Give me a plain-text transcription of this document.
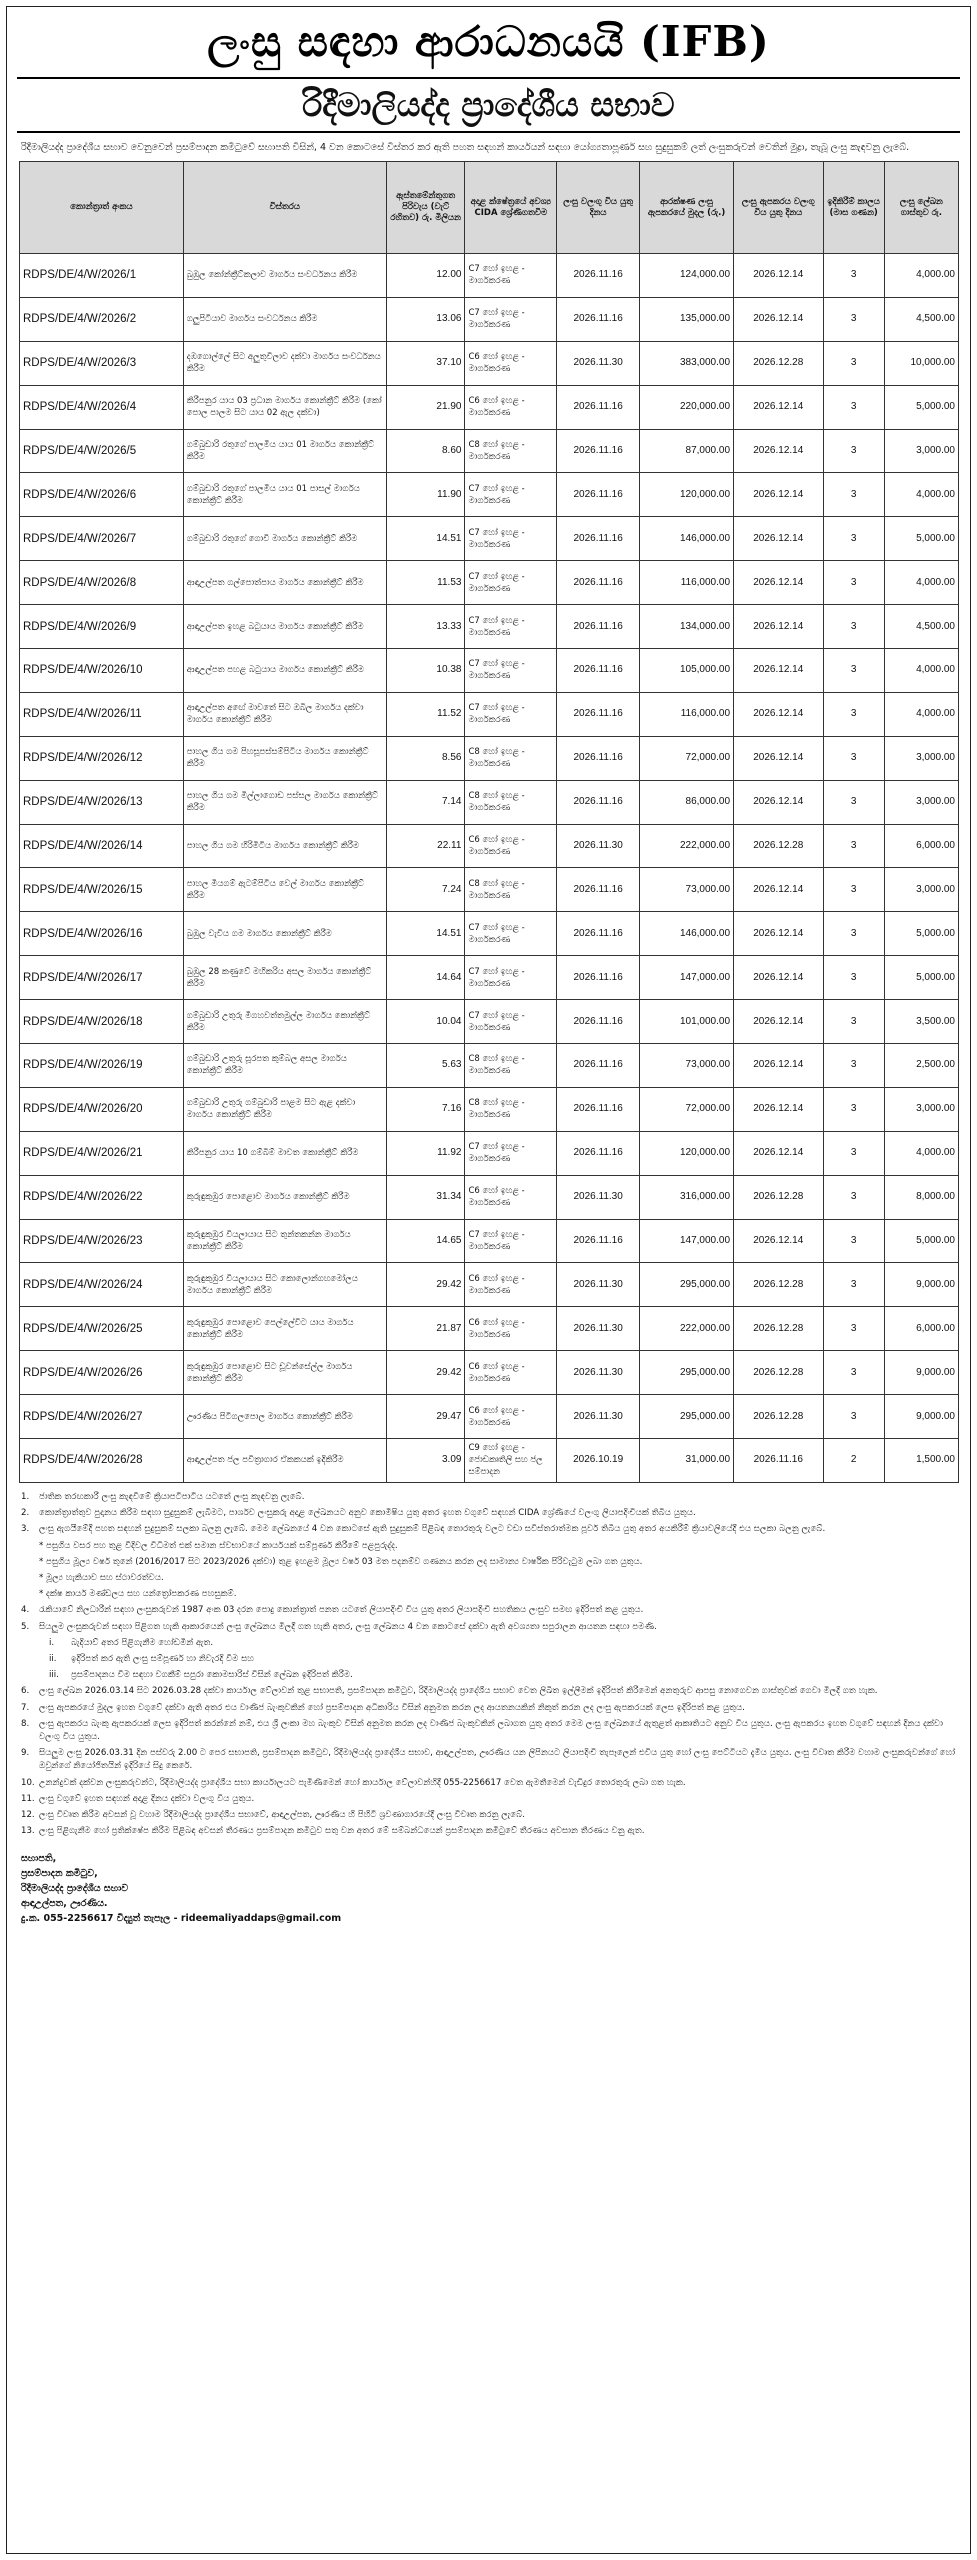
ලංසු සඳහා ආරාධනයයි (IFB)
රිදීමාලියද්ද ප්‍රාදේශීය සභාව
රිදීමාලියද්ද ප්‍රාදේශීය සභාව වෙනුවෙන් ප්‍රසම්පාදන කමිටුවේ සභාපති විසින්, 4 වන කොටසේ විස්තර කර ඇති පහත සඳහන් කාර්යයන් සඳහා යෝග්‍යතාපූර්ණ සහ සුදුසුකම් ලත් ලංසුකරුවන් වෙතින් මුද්‍රා, තැබූ ලංසු කැඳවනු ලැබේ.
කොන්ත්‍රාත් අංකය	විස්තරය	ඇස්තමේන්තුගත පිරිවැය (වැට් රහිතව) රු. මිලියන	අදාළ ක්ෂේත්‍රයේ අවශ්‍ය CIDA ශ්‍රේණිගතවීම	ලංසු වලංගු විය යුතු දිනය	ආරක්ෂණ ලංසු ඇපකරයේ මුදල (රු.)	ලංසු ඇපකරය වලංගු විය යුතු දිනය	ඉදිකිරීම් කාලය (මාස ගණන)	ලංසු ලේඛන ගාස්තුව රු.
RDPS/DE/4/W/2026/1	බුඹුල කෝන්ක්‍රීට්කලාව මාර්ගය සංවර්ධනය කිරීම	12.00	C7 හෝ ඉහළ - මාර්ගකරණ	2026.11.16	124,000.00	2026.12.14	3	4,000.00
RDPS/DE/4/W/2026/2	ගලුපිටියාව මාර්ගය සංවර්ධනය කිරීම	13.06	C7 හෝ ඉහළ - මාර්ගකරණ	2026.11.16	135,000.00	2026.12.14	3	4,500.00
RDPS/DE/4/W/2026/3	දඹගොල්ලේ සිට අලුතුවිලාව දක්වා මාර්ගය සංවර්ධනය කිරීම	37.10	C6 හෝ ඉහළ - මාර්ගකරණ	2026.11.30	383,000.00	2026.12.28	3	10,000.00
RDPS/DE/4/W/2026/4	කිරීපනුර යාය 03 ප්‍රධාන මාර්ගය කොන්ක්‍රීට් කිරීම (කෝ පොල පාලම සිට යාය 02 ඇල දක්වා)	21.90	C6 හෝ ඉහළ - මාර්ගකරණ	2026.11.16	220,000.00	2026.12.14	3	5,000.00
RDPS/DE/4/W/2026/5	ගම්බුඩාරි රතුගේ පාලමීය යාය 01 මාර්ගය කොන්ක්‍රීට් කිරීම	8.60	C8 හෝ ඉහළ - මාර්ගකරණ	2026.11.16	87,000.00	2026.12.14	3	3,000.00
RDPS/DE/4/W/2026/6	ගම්බුඩාරි රතුගේ පාලමීය යාය 01 පාසල් මාර්ගය කොන්ක්‍රීට් කිරීම	11.90	C7 හෝ ඉහළ - මාර්ගකරණ	2026.11.16	120,000.00	2026.12.14	3	4,000.00
RDPS/DE/4/W/2026/7	ගම්බුඩාරි රතුගේ ගොවි මාර්ගය කොන්ක්‍රීට් කිරීම	14.51	C7 හෝ ඉහළ - මාර්ගකරණ	2026.11.16	146,000.00	2026.12.14	3	5,000.00
RDPS/DE/4/W/2026/8	ආඳාඋල්පත ගල්පොත්පාය මාර්ගය කොන්ක්‍රීට් කිරීම	11.53	C7 හෝ ඉහළ - මාර්ගකරණ	2026.11.16	116,000.00	2026.12.14	3	4,000.00
RDPS/DE/4/W/2026/9	ආඳාඋල්පත ඉහළ බටුයාය මාර්ගය කොන්ක්‍රීට් කිරීම	13.33	C7 හෝ ඉහළ - මාර්ගකරණ	2026.11.16	134,000.00	2026.12.14	3	4,500.00
RDPS/DE/4/W/2026/10	ආඳාඋල්පත පහළ බටුයාය මාර්ගය කොන්ක්‍රීට් කිරීම	10.38	C7 හෝ ඉහළ - මාර්ගකරණ	2026.11.16	105,000.00	2026.12.14	3	4,000.00
RDPS/DE/4/W/2026/11	ආඳාඋල්පත අඟේ මාවතේ සිට ඔබිල මාර්ගය දක්වා මාර්ගය කොන්ක්‍රීට් කිරීම	11.52	C7 හෝ ඉහළ - මාර්ගකරණ	2026.11.16	116,000.00	2026.12.14	3	4,000.00
RDPS/DE/4/W/2026/12	පාහල ගිය ගම පිහසූපස්සම්පිටිය මාර්ගය කොන්ක්‍රීට් කිරීම	8.56	C8 හෝ ඉහළ - මාර්ගකරණ	2026.11.16	72,000.00	2026.12.14	3	3,000.00
RDPS/DE/4/W/2026/13	පාහල ගිය ගම මිල්ලාගොඩ පස්සල මාර්ගය කොන්ක්‍රීට් කිරීම	7.14	C8 හෝ ඉහළ - මාර්ගකරණ	2026.11.16	86,000.00	2026.12.14	3	3,000.00
RDPS/DE/4/W/2026/14	පාහල ගිය ගම හිරිමිටිය මාර්ගය කොන්ක්‍රීට් කිරීම	22.11	C6 හෝ ඉහළ - මාර්ගකරණ	2026.11.30	222,000.00	2026.12.28	3	6,000.00
RDPS/DE/4/W/2026/15	පාහල මියගම් ඇටම්පිටිය වෙල් මාර්ගය කොන්ක්‍රීට් කිරීම	7.24	C8 හෝ ඉහළ - මාර්ගකරණ	2026.11.16	73,000.00	2026.12.14	3	3,000.00
RDPS/DE/4/W/2026/16	බුඹුල වැවිය ගම මාර්ගය කොන්ක්‍රීට් කිරීම	14.51	C7 හෝ ඉහළ - මාර්ගකරණ	2026.11.16	146,000.00	2026.12.14	3	5,000.00
RDPS/DE/4/W/2026/17	බුඹුල 28 කණුවේ මහිකරිය අසල මාර්ගය කොන්ක්‍රීට් කිරීම	14.64	C7 හෝ ඉහළ - මාර්ගකරණ	2026.11.16	147,000.00	2026.12.14	3	5,000.00
RDPS/DE/4/W/2026/18	ගම්බුඩාරි උතුරු මීගහවත්තමුල්ල මාර්ගය කොන්ක්‍රීට් කිරීම	10.04	C7 හෝ ඉහළ - මාර්ගකරණ	2026.11.16	101,000.00	2026.12.14	3	3,500.00
RDPS/DE/4/W/2026/19	ගම්බුඩාරි උතුරු සූරපත කුම්බල අසල මාර්ගය කොන්ක්‍රීට් කිරීම	5.63	C8 හෝ ඉහළ - මාර්ගකරණ	2026.11.16	73,000.00	2026.12.14	3	2,500.00
RDPS/DE/4/W/2026/20	ගම්බුඩාරි උතුරු ගම්බුඩාරි පාළම සිට ඇළ දක්වා මාර්ගය කොන්ක්‍රීට් කිරීම	7.16	C8 හෝ ඉහළ - මාර්ගකරණ	2026.11.16	72,000.00	2026.12.14	3	3,000.00
RDPS/DE/4/W/2026/21	කිරීපනුර යාය 10 ගම්බිම් මාවත කොන්ක්‍රීට් කිරීම	11.92	C7 හෝ ඉහළ - මාර්ගකරණ	2026.11.16	120,000.00	2026.12.14	3	4,000.00
RDPS/DE/4/W/2026/22	කුරුඳුකුඹුර පොළොව මාර්ගය කොන්ක්‍රීට් කිරීම	31.34	C6 හෝ ඉහළ - මාර්ගකරණ	2026.11.30	316,000.00	2026.12.28	3	8,000.00
RDPS/DE/4/W/2026/23	කුරුඳුකුඹුර වියලායාය සිට තුන්තකන්න මාර්ගය කොන්ක්‍රීට් කිරීම	14.65	C7 හෝ ඉහළ - මාර්ගකරණ	2026.11.16	147,000.00	2026.12.14	3	5,000.00
RDPS/DE/4/W/2026/24	කුරුඳුකුඹුර වියලායාය සිට කොලොන්ගහමෝලය මාර්ගය කොන්ක්‍රීට් කිරීම	29.42	C6 හෝ ඉහළ - මාර්ගකරණ	2026.11.30	295,000.00	2026.12.28	3	9,000.00
RDPS/DE/4/W/2026/25	කුරුඳුකුඹුර පොළොව පෙල්ලේවිට යාය මාර්ගය කොන්ක්‍රීට් කිරීම	21.87	C6 හෝ ඉහළ - මාර්ගකරණ	2026.11.30	222,000.00	2026.12.28	3	6,000.00
RDPS/DE/4/W/2026/26	කුරුඳුකුඹුර පොළොව සිට ඩූවන්සේල්ල මාර්ගය කොන්ක්‍රීට් කිරීම	29.42	C6 හෝ ඉහළ - මාර්ගකරණ	2026.11.30	295,000.00	2026.12.28	3	9,000.00
RDPS/DE/4/W/2026/27	ඌරණිය පිටිගලපොල මාර්ගය කොන්ක්‍රීට් කිරීම	29.47	C6 හෝ ඉහළ - මාර්ගකරණ	2026.11.30	295,000.00	2026.12.28	3	9,000.00
RDPS/DE/4/W/2026/28	ආඳාඋල්පත ජල පවිත්‍රාගාර ඒකකයක් ඉදිකිරීම	3.09	C9 හෝ ඉහළ - ජොඩකෘතිලි සහ ජල සම්පාදන	2026.10.19	31,000.00	2026.11.16	2	1,500.00
1.	ජාතික තරඟකාරී ලංසු කැඳවීමේ ක්‍රියාපටිපාටිය යටතේ ලංසු කැඳවනු ලැබේ.
2.	කොන්ත්‍රාත්තුව පුදානය කිරීම සඳහා සුදුසුකම් ලැබීමට, පාර්ශව ලංසුකරු අදාළ ලේඛනයට අනුව කොමිෂිය යුතු අතර ඉහත වගුවේ සඳහන් CIDA ශ්‍රේණියේ වලංගු ලියාපදිංචියක් තිබිය යුතුය.
3.	ලංසු ඇගයීමේදී පහත සඳහන් සුදුසුකම් සලකා බලනු ලැබේ. මෙම ලේඛනයේ 4 වන කොටසේ ඇති සුදුසුකම් පිළිබඳ තොරතුරු වලට වඩා සවිස්තරාත්මක පූර්ව තිබිය යුතු අතර අයකිරීම් ක්‍රියාවලියේදී එය සලකා බලනු ලැබේ.
* පසුගිය වසර පහ තුළ වීදිවල විධිමත් එක් සමාන ස්වභාවයේ කාර්යයක් සම්පූර්ණ කිරීමේ පළපුරුද්ද.
* පසුගිය මූල්‍ය වර්ෂ තුනේ (2016/2017 සිට 2023/2026 දක්වා) තුළ ඉහළම මූල්‍ය වර්ෂ 03 මත පදනම්ව ගණනය කරන ලද සාමාන්‍ය වාර්ෂික පිරිවැටුම ලබා ගත යුතුය.
* මූල්‍ය හැකියාව සහ ස්ථාවරත්වය.
* දක්ෂ කාර්ය මණ්ඩලය සහ යන්ත්‍රෝපකරණ පහසුකම්.
4.	රැකියාවේ නිලධාරීන් සඳහා ලංසුකරුවන් 1987 අංක 03 දරන පොදු කොන්ත්‍රාත් පනත යටතේ ලියාපදිංචි විය යුතු අතර ලියාපදිංචි සහතිකය ලංසුව සමඟ ඉදිරිපත් කළ යුතුය.
5.	සියලුම ලංසුකරුවන් සඳහා පිළිගත හැකි ආකාරයෙන් ලංසු ලේඛනය මිලදී ගත හැකි අතර, ලංසු ලේඛනය 4 වන කොටසේ දක්වා ඇති අවශ්‍යතා සපුරාලන ආයතන සඳහා පමණි.
i.	බැදියාව් අතර පිළිගැනීම හෝඩමින් ඇත.
ii.	ඉදිරිපත් කර ඇති ලංසු සම්පූර්ණ හා නිවැරදි වීම සහ
iii.	ප්‍රසම්පාදනය වීම සඳහා වගකීම් සපුරා කොමසාරිස් විසින් ලේඛන ඉදිරිපත් කිරීම.
6.	ලංසු ලේඛන 2026.03.14 සිට 2026.03.28 දක්වා කාර්යාල වේලාවන් තුළ සභාපති, ප්‍රසම්පාදන කමිටුව, රිදීමාලියද්ද ප්‍රාදේශීය සභාව වෙත ලිඛිත ඉල්ලීමක් ඉදිරිපත් කිරීමෙන් අනතුරුව ආපසු නොගෙවන ගාස්තුවක් ගෙවා මිලදී ගත හැක.
7.	ලංසු ඇපකරයේ මුදල ඉහත වගුවේ දක්වා ඇති අතර එය වාණිජ බැංකුවකින් හෝ ප්‍රසම්පාදන අධිකාරිය විසින් අනුමත කරන ලද ආයතනයකින් නිකුත් කරන ලද ලංසු ඇපකරයක් ලෙස ඉදිරිපත් කළ යුතුය.
8.	ලංසු ඇපකරය බැංකු ඇපකරයක් ලෙස ඉදිරිපත් කරන්නේ නම්, එය ශ්‍රී ලංකා මහ බැංකුව විසින් අනුමත කරන ලද වාණිජ බැංකුවකින් ලබාගත යුතු අතර මෙම ලංසු ලේඛනයේ ඇතුළත් ආකෘතියට අනුව විය යුතුය. ලංසු ඇපකරය ඉහත වගුවේ සඳහන් දිනය දක්වා වලංගු විය යුතුය.
9.	සියලුම ලංසු 2026.03.31 දින පස්වරු 2.00 ට පෙර සභාපති, ප්‍රසම්පාදන කමිටුව, රිදීමාලියද්ද ප්‍රාදේශීය සභාව, ආඳාඋල්පත, ඌරණිය යන ලිපිනයට ලියාපදිංචි තැපෑලෙන් එවිය යුතු හෝ ලංසු පෙට්ටියට දැමිය යුතුය. ලංසු විවෘත කිරීම වහාම ලංසුකරුවන්ගේ හෝ ඔවුන්ගේ නියෝජිතයින් ඉදිරියේ සිදු කෙරේ.
10. උනන්දුවක් දක්වන ලංසුකරුවන්ට, රිදීමාලියද්ද ප්‍රාදේශීය සභා කාර්යාලයට පැමිණීමෙන් හෝ කාර්යාල වේලාවන්හිදී 055-2256617 වෙත ඇමතීමෙන් වැඩිදුර තොරතුරු ලබා ගත හැක.
11. ලංසු වගුවේ ඉහත සඳහන් අදාළ දිනය දක්වා වලංගු විය යුතුය.
12. ලංසු විවෘත කිරීම අවසන් වූ වහාම රිදීමාලියද්ද ප්‍රාදේශීය සභාවේ, ආඳාඋල්පත, ඌරණිය හි පිහිටි ශ්‍රවණාගාරයේදී ලංසු විවෘත කරනු ලැබේ.
13. ලංසු පිළිගැනීම හෝ ප්‍රතික්ෂේප කිරීම පිළිබඳ අවසන් තීරණය ප්‍රසම්පාදන කමිටුව සතු වන අතර මේ සම්බන්ධයෙන් ප්‍රසම්පාදන කමිටුවේ තීරණය අවසාන තීරණය වනු ඇත.
සභාපති,
ප්‍රසම්පාදන කමිටුව,
රිදීමාලියද්ද ප්‍රාදේශීය සභාව
ආඳාඋල්පත, ඌරණිය.
දු.ක. 055-2256617 විද්‍යුත් තැපෑල - rideemaliyaddaps@gmail.com
